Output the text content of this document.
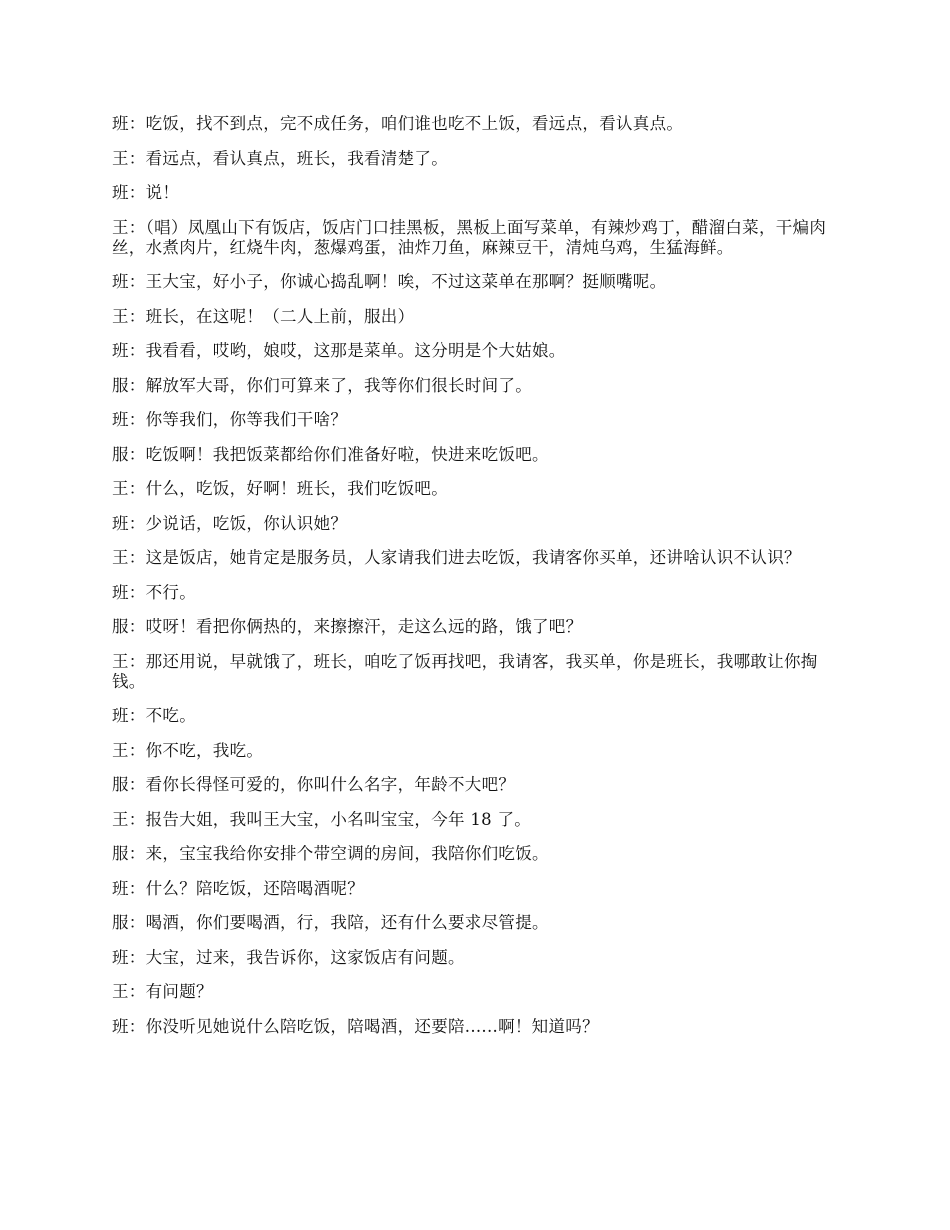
班：吃饭，找不到点，完不成任务，咱们谁也吃不上饭，看远点，看认真点。

王：看远点，看认真点，班长，我看清楚了。

班：说！

王：（唱）凤凰山下有饭店，饭店门口挂黑板，黑板上面写菜单，有辣炒鸡丁，醋溜白菜，干煸肉丝，水煮肉片，红烧牛肉，葱爆鸡蛋，油炸刀鱼，麻辣豆干，清炖乌鸡，生猛海鲜。

班：王大宝，好小子，你诚心捣乱啊！唉，不过这菜单在那啊？挺顺嘴呢。

王：班长，在这呢！（二人上前，服出）

班：我看看，哎哟，娘哎，这那是菜单。这分明是个大姑娘。

服：解放军大哥，你们可算来了，我等你们很长时间了。

班：你等我们，你等我们干啥？

服：吃饭啊！我把饭菜都给你们准备好啦，快进来吃饭吧。

王：什么，吃饭，好啊！班长，我们吃饭吧。

班：少说话，吃饭，你认识她？

王：这是饭店，她肯定是服务员，人家请我们进去吃饭，我请客你买单，还讲啥认识不认识？

班：不行。

服：哎呀！看把你俩热的，来擦擦汗，走这么远的路，饿了吧？

王：那还用说，早就饿了，班长，咱吃了饭再找吧，我请客，我买单，你是班长，我哪敢让你掏钱。

班：不吃。

王：你不吃，我吃。

服：看你长得怪可爱的，你叫什么名字，年龄不大吧？

王：报告大姐，我叫王大宝，小名叫宝宝，今年 18 了。

服：来，宝宝我给你安排个带空调的房间，我陪你们吃饭。

班：什么？陪吃饭，还陪喝酒呢？

服：喝酒，你们要喝酒，行，我陪，还有什么要求尽管提。

班：大宝，过来，我告诉你，这家饭店有问题。

王：有问题？

班：你没听见她说什么陪吃饭，陪喝酒，还要陪......啊！知道吗？
